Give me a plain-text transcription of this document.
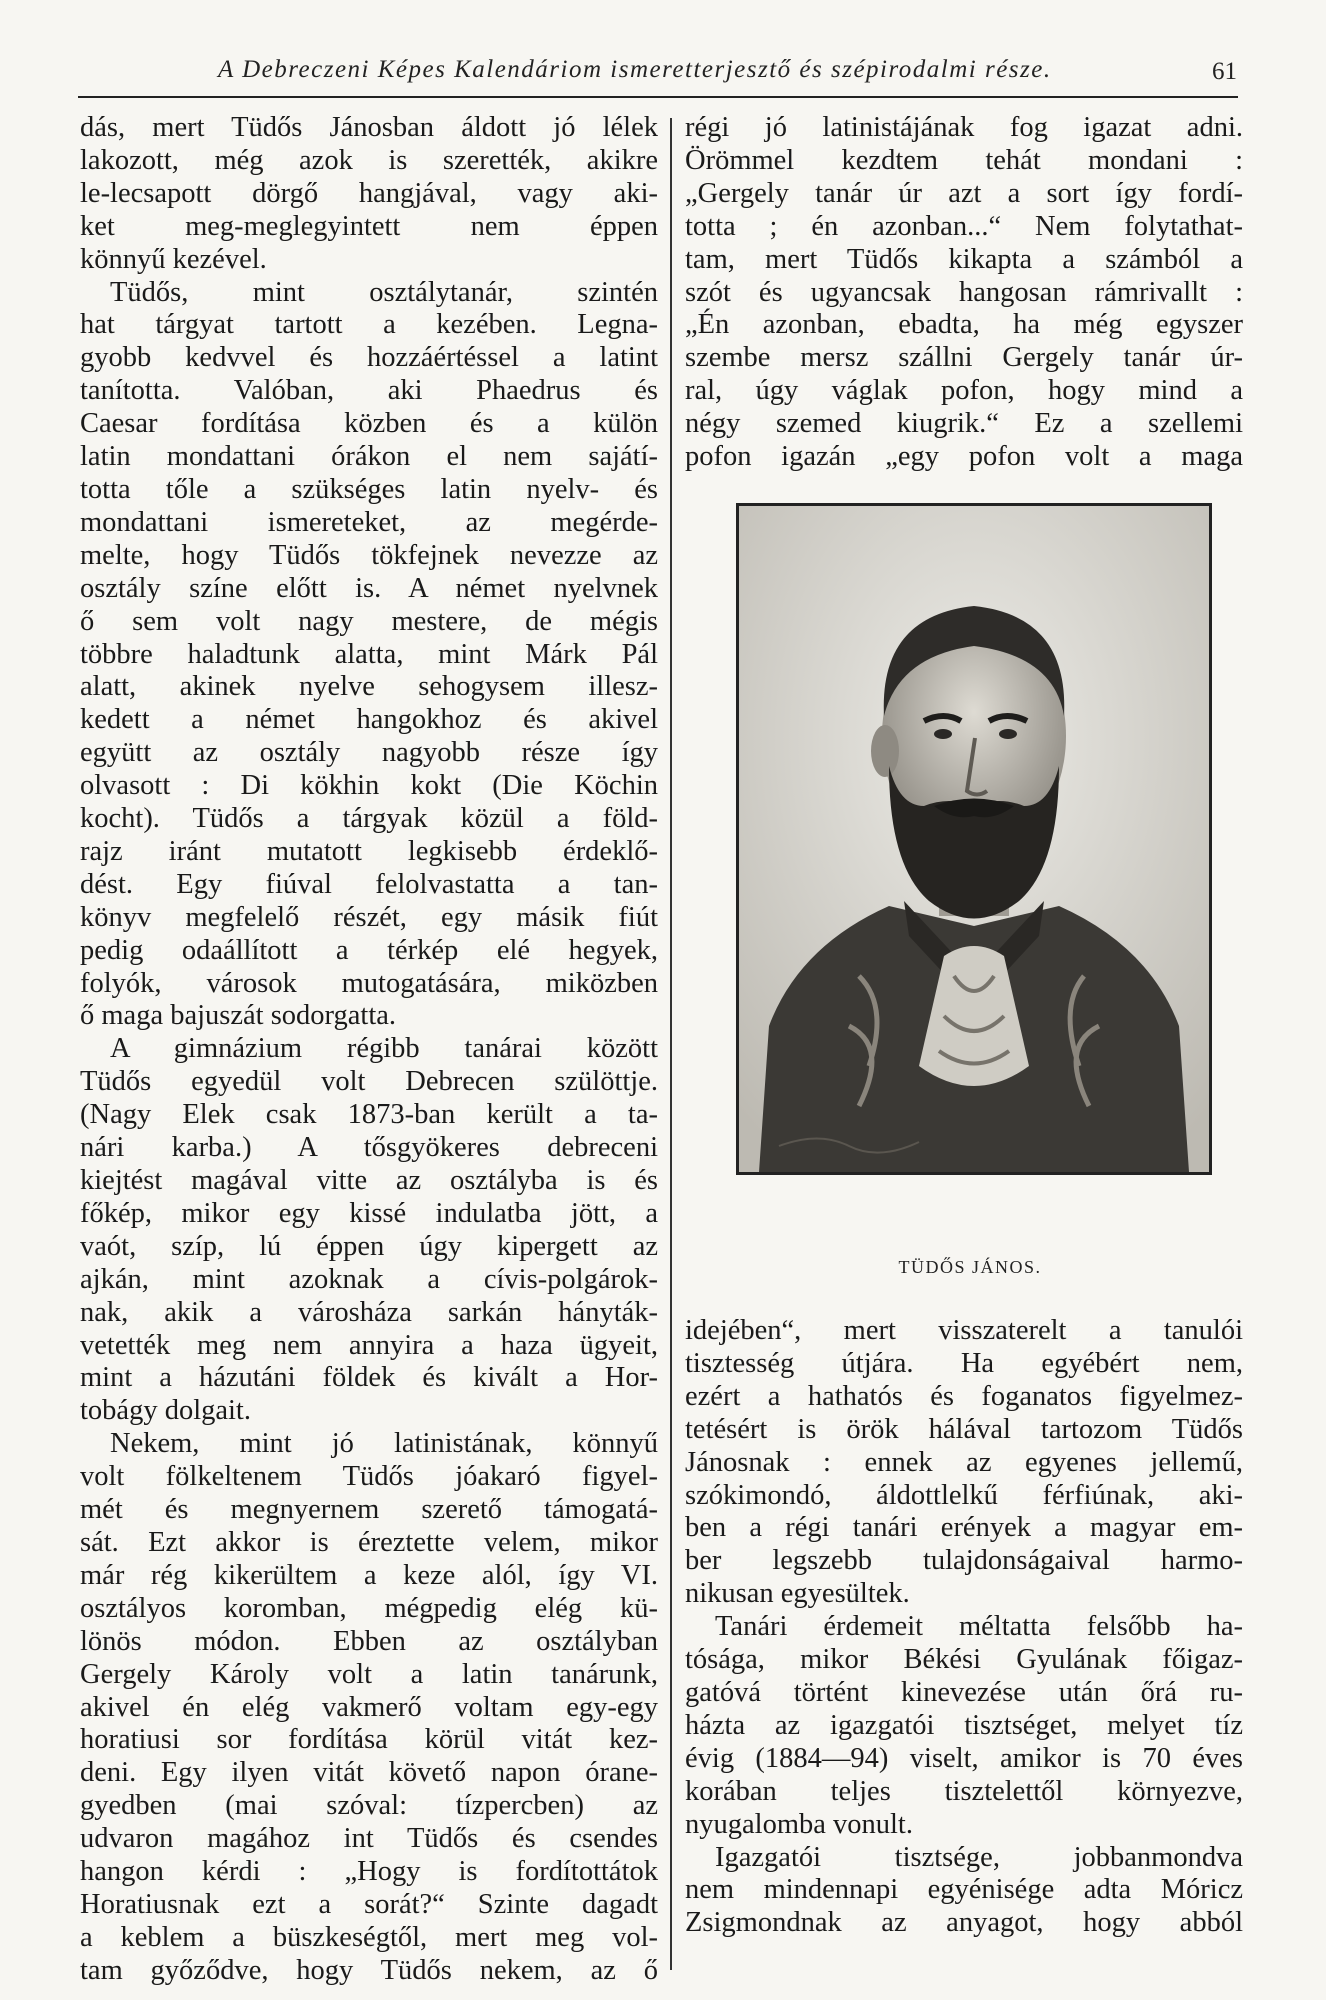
A Debreczeni Képes Kalendáriom ismeretterjesztő és szépirodalmi része.	61
dás, mert Tüdős Jánosban áldott jó lélek
lakozott, még azok is szerették, akikre
le-lecsapott dörgő hangjával, vagy aki-
ket meg-meglegyintett nem éppen
könnyű kezével.
Tüdős, mint osztálytanár, szintén
hat tárgyat tartott a kezében. Legna-
gyobb kedvvel és hozzáértéssel a latint
tanította. Valóban, aki Phaedrus és
Caesar fordítása közben és a külön
latin mondattani órákon el nem sajátí-
totta tőle a szükséges latin nyelv- és
mondattani ismereteket, az megérde-
melte, hogy Tüdős tökfejnek nevezze az
osztály színe előtt is. A német nyelvnek
ő sem volt nagy mestere, de mégis
többre haladtunk alatta, mint Márk Pál
alatt, akinek nyelve sehogysem illesz-
kedett a német hangokhoz és akivel
együtt az osztály nagyobb része így
olvasott : Di kökhin kokt (Die Köchin
kocht). Tüdős a tárgyak közül a föld-
rajz iránt mutatott legkisebb érdeklő-
dést. Egy fiúval felolvastatta a tan-
könyv megfelelő részét, egy másik fiút
pedig odaállított a térkép elé hegyek,
folyók, városok mutogatására, miközben
ő maga bajuszát sodorgatta.
A gimnázium régibb tanárai között
Tüdős egyedül volt Debrecen szülöttje.
(Nagy Elek csak 1873-ban került a ta-
nári karba.) A tősgyökeres debreceni
kiejtést magával vitte az osztályba is és
főkép, mikor egy kissé indulatba jött, a
vaót, szíp, lú éppen úgy kipergett az
ajkán, mint azoknak a cívis-polgárok-
nak, akik a városháza sarkán hányták-
vetették meg nem annyira a haza ügyeit,
mint a házutáni földek és kivált a Hor-
tobágy dolgait.
Nekem, mint jó latinistának, könnyű
volt fölkeltenem Tüdős jóakaró figyel-
mét és megnyernem szerető támogatá-
sát. Ezt akkor is éreztette velem, mikor
már rég kikerültem a keze alól, így VI.
osztályos koromban, mégpedig elég kü-
lönös módon. Ebben az osztályban
Gergely Károly volt a latin tanárunk,
akivel én elég vakmerő voltam egy-egy
horatiusi sor fordítása körül vitát kez-
deni. Egy ilyen vitát követő napon órane-
gyedben (mai szóval: tízpercben) az
udvaron magához int Tüdős és csendes
hangon kérdi : „Hogy is fordítottátok
Horatiusnak ezt a sorát?“ Szinte dagadt
a keblem a büszkeségtől, mert meg vol-
tam győződve, hogy Tüdős nekem, az ő
régi jó latinistájának fog igazat adni.
Örömmel kezdtem tehát mondani :
„Gergely tanár úr azt a sort így fordí-
totta ; én azonban...“ Nem folytathat-
tam, mert Tüdős kikapta a számból a
szót és ugyancsak hangosan rámrivallt :
„Én azonban, ebadta, ha még egyszer
szembe mersz szállni Gergely tanár úr-
ral, úgy váglak pofon, hogy mind a
négy szemed kiugrik.“ Ez a szellemi
pofon igazán „egy pofon volt a maga
TÜDŐS JÁNOS.
idejében“, mert visszaterelt a tanulói
tisztesség útjára. Ha egyébért nem,
ezért a hathatós és foganatos figyelmez-
tetésért is örök hálával tartozom Tüdős
Jánosnak : ennek az egyenes jellemű,
szókimondó, áldottlelkű férfiúnak, aki-
ben a régi tanári erények a magyar em-
ber legszebb tulajdonságaival harmo-
nikusan egyesültek.
Tanári érdemeit méltatta felsőbb ha-
tósága, mikor Békési Gyulának főigaz-
gatóvá történt kinevezése után őrá ru-
házta az igazgatói tisztséget, melyet tíz
évig (1884—94) viselt, amikor is 70 éves
korában teljes tisztelettől környezve,
nyugalomba vonult.
Igazgatói tisztsége, jobbanmondva
nem mindennapi egyénisége adta Móricz
Zsigmondnak az anyagot, hogy abból
